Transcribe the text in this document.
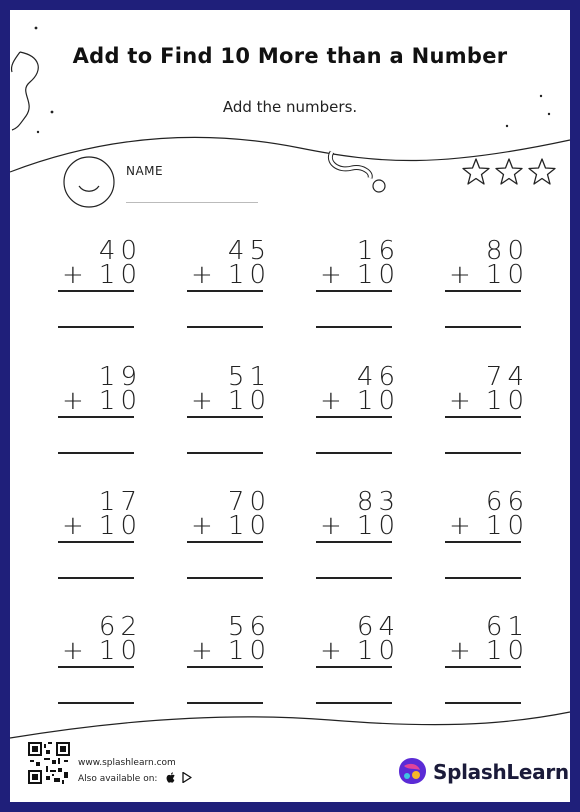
Add to Find 10 More than a Number
Add the numbers.
NAME
40
+ 10
45
+ 10
16
+ 10
80
+ 10
19
+ 10
51
+ 10
46
+ 10
74
+ 10
17
+ 10
70
+ 10
83
+ 10
66
+ 10
62
+ 10
56
+ 10
64
+ 10
61
+ 10
www.splashlearn.com
Also available on:
	SplashLearn
